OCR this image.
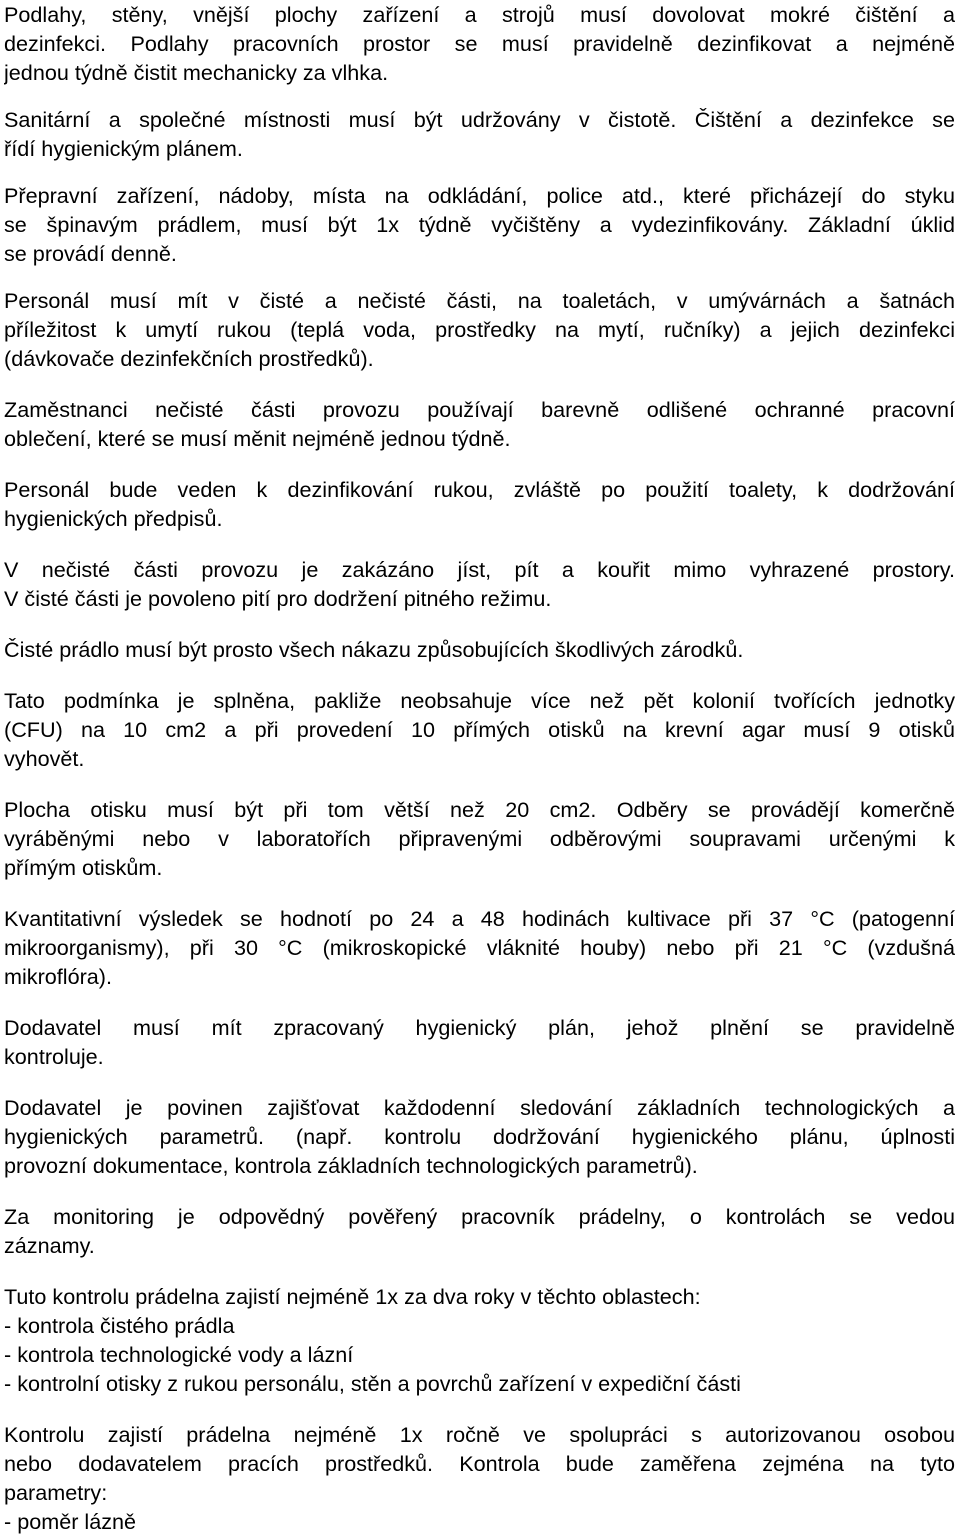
Podlahy, stěny, vnější plochy zařízení a strojů musí dovolovat mokré čištění a
dezinfekci. Podlahy pracovních prostor se musí pravidelně dezinfikovat a nejméně
jednou týdně čistit mechanicky za vlhka.

Sanitární a společné místnosti musí být udržovány v čistotě. Čištění a dezinfekce se
řídí hygienickým plánem.

Přepravní zařízení, nádoby, místa na odkládání, police atd., které přicházejí do styku
se špinavým prádlem, musí být 1x týdně vyčištěny a vydezinfikovány. Základní úklid
se provádí denně.

Personál musí mít v čisté a nečisté části, na toaletách, v umývárnách a šatnách
příležitost k umytí rukou (teplá voda, prostředky na mytí, ručníky) a jejich dezinfekci
(dávkovače dezinfekčních prostředků).

Zaměstnanci nečisté části provozu používají barevně odlišené ochranné pracovní
oblečení, které se musí měnit nejméně jednou týdně.

Personál bude veden k dezinfikování rukou, zvláště po použití toalety, k dodržování
hygienických předpisů.

V nečisté části provozu je zakázáno jíst, pít a kouřit mimo vyhrazené prostory.
V čisté části je povoleno pití pro dodržení pitného režimu.

Čisté prádlo musí být prosto všech nákazu způsobujících škodlivých zárodků.

Tato podmínka je splněna, pakliže neobsahuje více než pět kolonií tvořících jednotky
(CFU) na 10 cm2 a při provedení 10 přímých otisků na krevní agar musí 9 otisků
vyhovět.

Plocha otisku musí být při tom větší než 20 cm2. Odběry se provádějí komerčně
vyráběnými nebo v laboratořích připravenými odběrovými soupravami určenými k
přímým otiskům.

Kvantitativní výsledek se hodnotí po 24 a 48 hodinách kultivace při 37 °C (patogenní
mikroorganismy), při 30 °C (mikroskopické vláknité houby) nebo při 21 °C (vzdušná
mikroflóra).

Dodavatel musí mít zpracovaný hygienický plán, jehož plnění se pravidelně
kontroluje.

Dodavatel je povinen zajišťovat každodenní sledování základních technologických a
hygienických parametrů. (např. kontrolu dodržování hygienického plánu, úplnosti
provozní dokumentace, kontrola základních technologických parametrů).

Za monitoring je odpovědný pověřený pracovník prádelny, o kontrolách se vedou
záznamy.

Tuto kontrolu prádelna zajistí nejméně 1x za dva roky v těchto oblastech:
- kontrola čistého prádla
- kontrola technologické vody a lázní
- kontrolní otisky z rukou personálu, stěn a povrchů zařízení v expediční části

Kontrolu zajistí prádelna nejméně 1x ročně ve spolupráci s autorizovanou osobou
nebo dodavatelem pracích prostředků. Kontrola bude zaměřena zejména na tyto
parametry:
- poměr lázně
